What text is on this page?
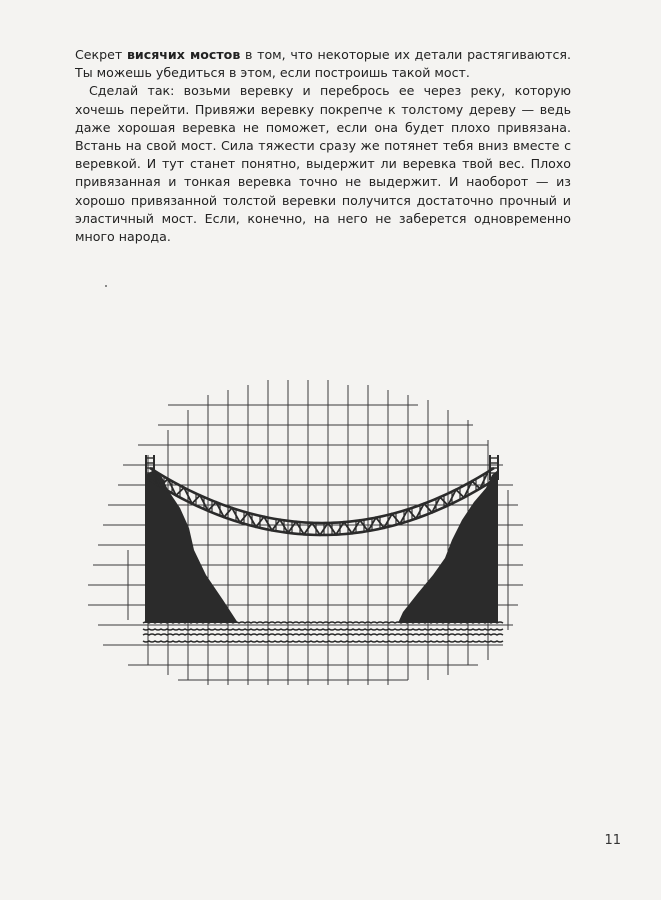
Секрет висячих мостов в том, что некоторые их детали растягиваются. Ты можешь убедиться в этом, если построишь такой мост.

Сделай так: возьми веревку и перебрось ее через реку, которую хочешь перейти. Привяжи веревку покрепче к толстому дереву — ведь даже хорошая веревка не поможет, если она будет плохо привязана. Встань на свой мост. Сила тяжести сразу же потянет тебя вниз вместе с веревкой. И тут станет понятно, выдержит ли веревка твой вес. Плохо привязанная и тонкая веревка точно не выдержит. И наоборот — из хорошо привязанной толстой веревки получится достаточно прочный и эластичный мост. Если, конечно, на него не заберется одновременно много народа.

11
